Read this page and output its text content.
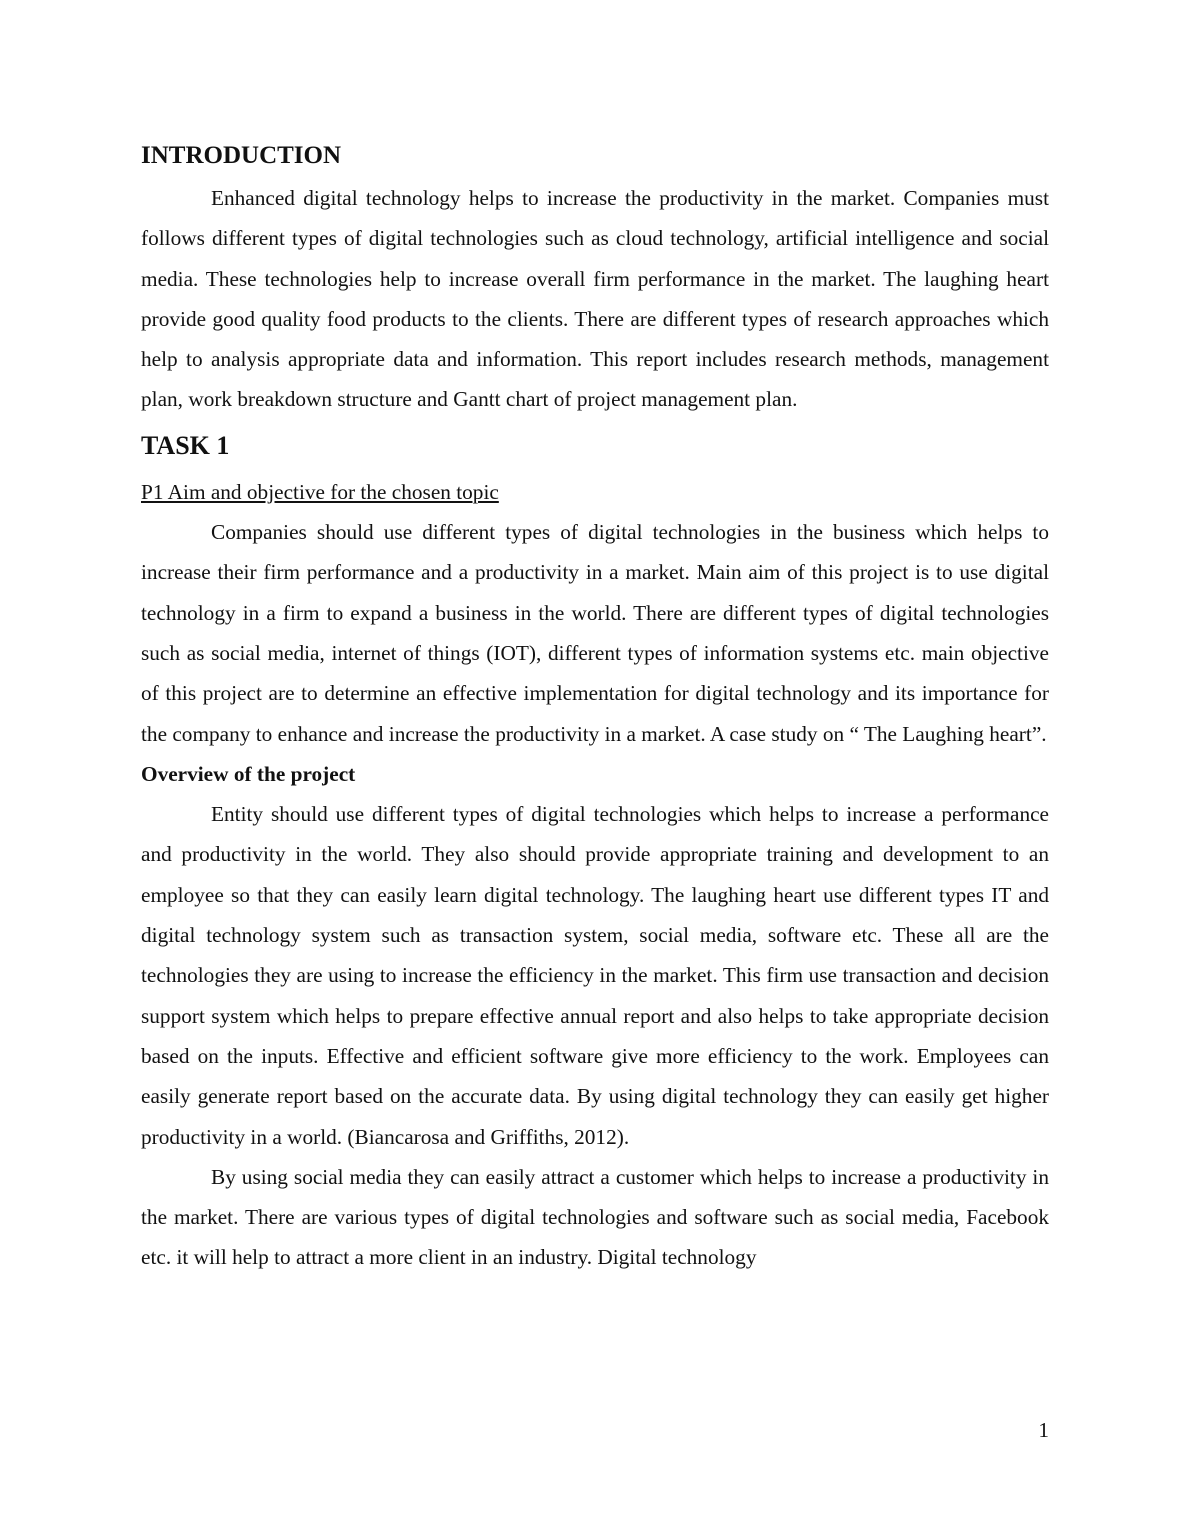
INTRODUCTION

Enhanced digital technology helps to increase the productivity in the market. Companies must follows different types of digital technologies such as cloud technology, artificial intelligence and social media. These technologies help to increase overall firm performance in the market. The laughing heart provide good quality food products to the clients. There are different types of research approaches which help to analysis appropriate data and information. This report includes research methods, management plan, work breakdown structure and Gantt chart of project management plan.

TASK 1
P1 Aim and objective for the chosen topic

Companies should use different types of digital technologies in the business which helps to increase their firm performance and a productivity in a market. Main aim of this project is to use digital technology in a firm to expand a business in the world. There are different types of digital technologies such as social media, internet of things (IOT), different types of information systems etc. main objective of this project are to determine an effective implementation for digital technology and its importance for the company to enhance and increase the productivity in a market. A case study on “ The Laughing heart”.

Overview of the project

Entity should use different types of digital technologies which helps to increase a performance and productivity in the world. They also should provide appropriate training and development to an employee so that they can easily learn digital technology. The laughing heart use different types IT and digital technology system such as transaction system, social media, software etc. These all are the technologies they are using to increase the efficiency in the market. This firm use transaction and decision support system which helps to prepare effective annual report and also helps to take appropriate decision based on the inputs. Effective and efficient software give more efficiency to the work. Employees can easily generate report based on the accurate data. By using digital technology they can easily get higher productivity in a world. (Biancarosa and Griffiths, 2012).

By using social media they can easily attract a customer which helps to increase a productivity in the market. There are various types of digital technologies and software such as social media, Facebook etc. it will help to attract a more client in an industry. Digital technology

1
